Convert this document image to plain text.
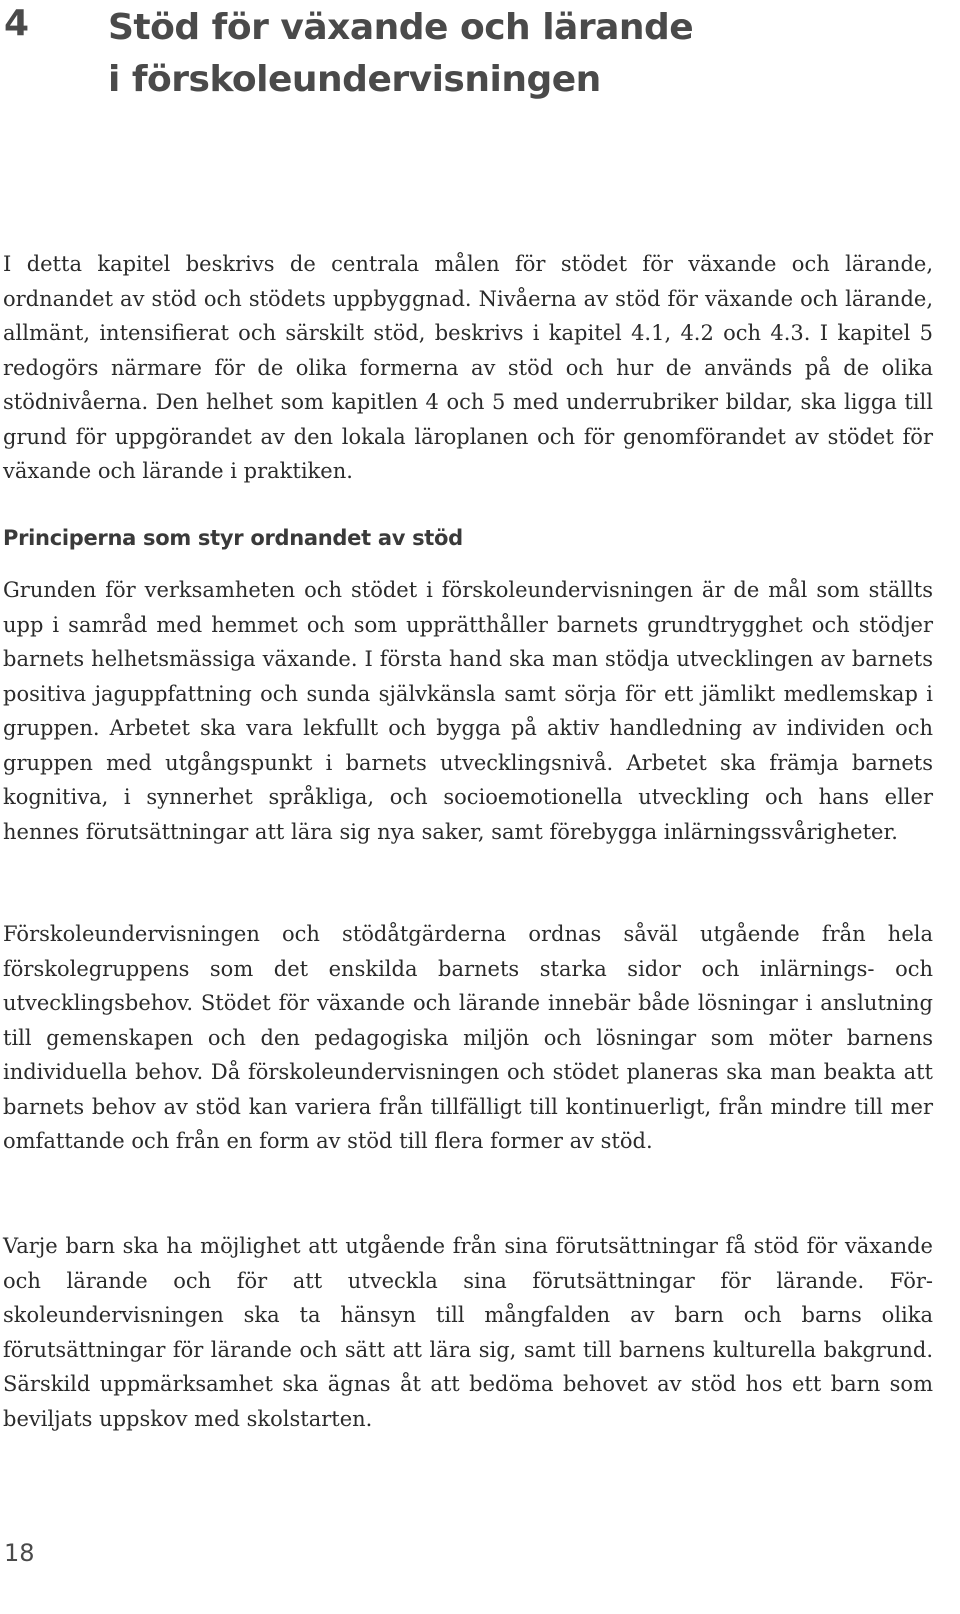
4 Stöd för växande och lärande
i förskoleundervisningen

I detta kapitel beskrivs de centrala målen för stödet för växande och lärande, ordnandet av stöd och stödets uppbyggnad. Nivåerna av stöd för växande och lärande, allmänt, intensifierat och särskilt stöd, beskrivs i kapitel 4.1, 4.2 och 4.3. I kapitel 5 redogörs närmare för de olika formerna av stöd och hur de används på de olika stödnivåerna. Den helhet som kapitlen 4 och 5 med underrubriker bildar, ska ligga till grund för uppgörandet av den lokala läroplanen och för genomförandet av stödet för växande och lärande i praktiken.

Principerna som styr ordnandet av stöd

Grunden för verksamheten och stödet i förskoleundervisningen är de mål som ställts upp i samråd med hemmet och som upprätthåller barnets grundtrygghet och stödjer barnets helhetsmässiga växande. I första hand ska man stödja utvecklingen av barnets positiva jaguppfattning och sunda självkänsla samt sörja för ett jämlikt medlemskap i gruppen. Arbetet ska vara lekfullt och bygga på aktiv handledning av individen och gruppen med utgångspunkt i barnets utvecklingsnivå. Arbetet ska främja barnets kognitiva, i synnerhet språkliga, och socioemotionella utveckling och hans eller hennes förutsättningar att lära sig nya saker, samt förebygga inlärningssvårigheter.

Förskoleundervisningen och stödåtgärderna ordnas såväl utgående från hela förskolegruppens som det enskilda barnets starka sidor och inlärnings- och utvecklingsbehov. Stödet för växande och lärande innebär både lösningar i anslutning till gemenskapen och den pedagogiska miljön och lösningar som möter barnens individuella behov. Då förskoleundervisningen och stödet planeras ska man beakta att barnets behov av stöd kan variera från tillfälligt till kontinuerligt, från mindre till mer omfattande och från en form av stöd till flera former av stöd.

Varje barn ska ha möjlighet att utgående från sina förutsättningar få stöd för växande och lärande och för att utveckla sina förutsättningar för lärande. Förskoleundervisningen ska ta hänsyn till mångfalden av barn och barns olika förutsättningar för lärande och sätt att lära sig, samt till barnens kulturella bakgrund. Särskild uppmärksamhet ska ägnas åt att bedöma behovet av stöd hos ett barn som beviljats uppskov med skolstarten.

18
